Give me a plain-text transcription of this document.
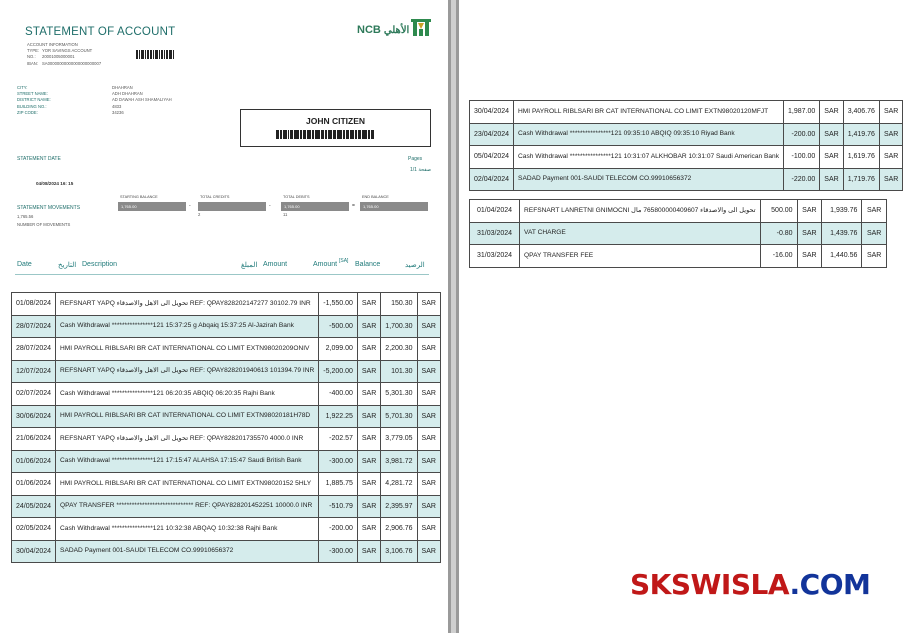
STATEMENT OF ACCOUNT	NCB الأهلي
ACCOUNT INFORMATION
TYPE: YOR SAVINGS ACCOUNT
NO.: 20001005000001
IBAN: SA00000000000000000000007
CITY:
STREET NAME:
DISTRICT NAME:
BUILDING NO.:
ZIP CODE:
DHAHRAN
ADH DHAHRAN
AD DAWAH ASH SHAMALIYAH
4833
34236
JOHN CITIZEN
STATEMENT DATE	Pages
1/1 صفحة
04/08/2024 16: 15
STARTING BALANCE	TOTAL CREDITS	TOTAL DEBITS	END BALANCE
1,765.00	-	-	1,765.00	= 1,765.00
STATEMENT MOVEMENTS
2	11
1,765.56
NUMBER OF MOVEMENTS
Date	التاريخ Description	المبلغ Amount	Amount [SA] Balance	الرصيد
01/08/2024	REFSNART YAPQ تحويل الى الاهل والاصدقاء REF: QPAY828202147277 30102.79 INR	-1,550.00	SAR	150.30	SAR
28/07/2024	Cash Withdrawal ****************121 15:37:25 g Abqaiq 15:37:25 Al-Jazirah Bank	-500.00	SAR	1,700.30	SAR
28/07/2024	HMI PAYROLL RIBLSARI BR CAT INTERNATIONAL CO LIMIT EXTN98020209ONIV	2,099.00	SAR	2,200.30	SAR
12/07/2024	REFSNART YAPQ تحويل الى الاهل والاصدقاء REF: QPAY828201940613 101394.79 INR	-5,200.00	SAR	101.30	SAR
02/07/2024	Cash Withdrawal ****************121 06:20:35 ABQIQ 06:20:35 Rajhi Bank	-400.00	SAR	5,301.30	SAR
30/06/2024	HMI PAYROLL RIBLSARI BR CAT INTERNATIONAL CO LIMIT EXTN98020181H78D	1,922.25	SAR	5,701.30	SAR
21/06/2024	REFSNART YAPQ تحويل الى الاهل والاصدقاء REF: QPAY828201735570 4000.0 INR	-202.57	SAR	3,779.05	SAR
01/06/2024	Cash Withdrawal ****************121 17:15:47 ALAHSA 17:15:47 Saudi British Bank	-300.00	SAR	3,981.72	SAR
01/06/2024	HMI PAYROLL RIBLSARI BR CAT INTERNATIONAL CO LIMIT EXTN98020152 5HLY	1,885.75	SAR	4,281.72	SAR
24/05/2024	QPAY TRANSFER ****************************** REF: QPAY828201452251 10000.0 INR	-510.79	SAR	2,395.97	SAR
02/05/2024	Cash Withdrawal ****************121 10:32:38 ABQAQ 10:32:38 Rajhi Bank	-200.00	SAR	2,906.76	SAR
30/04/2024	SADAD Payment 001-SAUDI TELECOM CO.99910656372	-300.00	SAR	3,106.76	SAR
30/04/2024	HMI PAYROLL RIBLSARI BR CAT INTERNATIONAL CO LIMIT EXTN98020120MFJT	1,987.00	SAR	3,406.76	SAR
23/04/2024	Cash Withdrawal ****************121 09:35:10 ABQIQ 09:35:10 Riyad Bank	-200.00	SAR	1,419.76	SAR
05/04/2024	Cash Withdrawal ****************121 10:31:07 ALKHOBAR 10:31:07 Saudi American Bank	-100.00	SAR	1,619.76	SAR
02/04/2024	SADAD Payment 001-SAUDI TELECOM CO.99910656372	-220.00	SAR	1,719.76	SAR
01/04/2024	REFSNART LANRETNI GNIMOCNI تحويل الى والاصدقاء 765800000409607 مال	500.00	SAR	1,939.76	SAR
31/03/2024	VAT CHARGE	-0.80	SAR	1,439.76	SAR
31/03/2024	QPAY TRANSFER FEE	-16.00	SAR	1,440.56	SAR
SKSWISLA.COM
